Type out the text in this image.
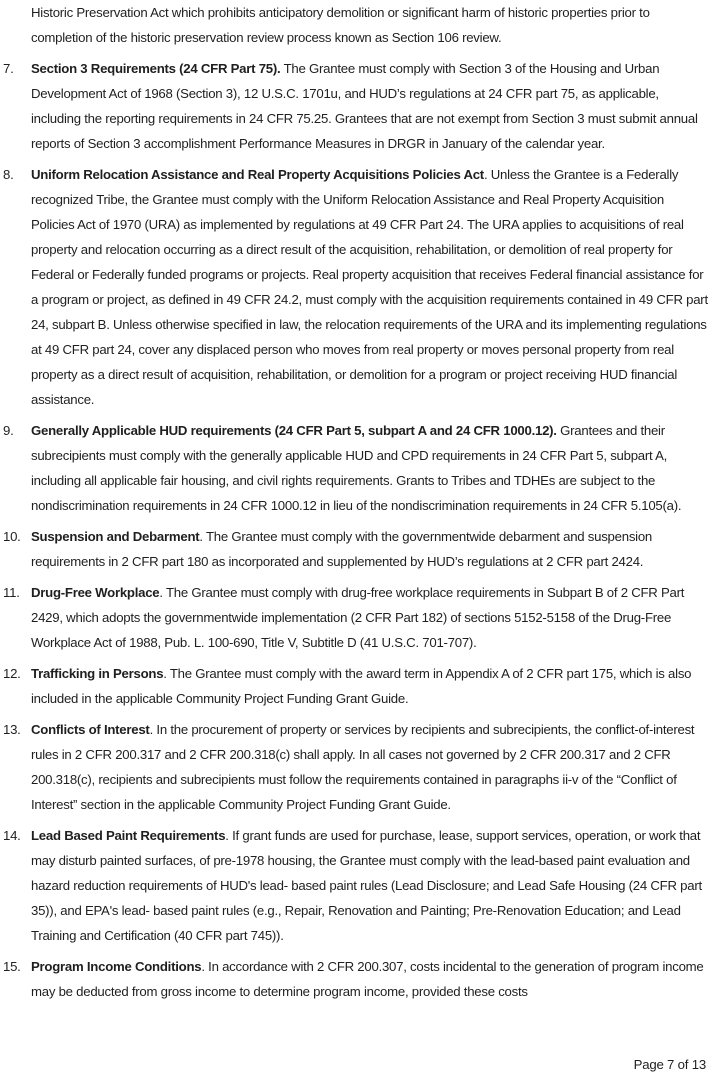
Historic Preservation Act which prohibits anticipatory demolition or significant harm of historic properties prior to completion of the historic preservation review process known as Section 106 review.

7.	Section 3 Requirements (24 CFR Part 75). The Grantee must comply with Section 3 of the Housing and Urban Development Act of 1968 (Section 3), 12 U.S.C. 1701u, and HUD’s regulations at 24 CFR part 75, as applicable, including the reporting requirements in 24 CFR 75.25. Grantees that are not exempt from Section 3 must submit annual reports of Section 3 accomplishment Performance Measures in DRGR in January of the calendar year.
8.	Uniform Relocation Assistance and Real Property Acquisitions Policies Act. Unless the Grantee is a Federally recognized Tribe, the Grantee must comply with the Uniform Relocation Assistance and Real Property Acquisition Policies Act of 1970 (URA) as implemented by regulations at 49 CFR Part 24. The URA applies to acquisitions of real property and relocation occurring as a direct result of the acquisition, rehabilitation, or demolition of real property for Federal or Federally funded programs or projects. Real property acquisition that receives Federal financial assistance for a program or project, as defined in 49 CFR 24.2, must comply with the acquisition requirements contained in 49 CFR part 24, subpart B. Unless otherwise specified in law, the relocation requirements of the URA and its implementing regulations at 49 CFR part 24, cover any displaced person who moves from real property or moves personal property from real property as a direct result of acquisition, rehabilitation, or demolition for a program or project receiving HUD financial assistance.
9.	Generally Applicable HUD requirements (24 CFR Part 5, subpart A and 24 CFR 1000.12). Grantees and their subrecipients must comply with the generally applicable HUD and CPD requirements in 24 CFR Part 5, subpart A, including all applicable fair housing, and civil rights requirements. Grants to Tribes and TDHEs are subject to the nondiscrimination requirements in 24 CFR 1000.12 in lieu of the nondiscrimination requirements in 24 CFR 5.105(a).
10. Suspension and Debarment. The Grantee must comply with the governmentwide debarment and suspension requirements in 2 CFR part 180 as incorporated and supplemented by HUD’s regulations at 2 CFR part 2424.
11. Drug-Free Workplace. The Grantee must comply with drug-free workplace requirements in Subpart B of 2 CFR Part 2429, which adopts the governmentwide implementation (2 CFR Part 182) of sections 5152-5158 of the Drug-Free Workplace Act of 1988, Pub. L. 100-690, Title V, Subtitle D (41 U.S.C. 701-707).
12. Trafficking in Persons. The Grantee must comply with the award term in Appendix A of 2 CFR part 175, which is also included in the applicable Community Project Funding Grant Guide.
13. Conflicts of Interest. In the procurement of property or services by recipients and subrecipients, the conflict-of-interest rules in 2 CFR 200.317 and 2 CFR 200.318(c) shall apply. In all cases not governed by 2 CFR 200.317 and 2 CFR 200.318(c), recipients and subrecipients must follow the requirements contained in paragraphs ii-v of the “Conflict of Interest” section in the applicable Community Project Funding Grant Guide.
14. Lead Based Paint Requirements. If grant funds are used for purchase, lease, support services, operation, or work that may disturb painted surfaces, of pre-1978 housing, the Grantee must comply with the lead-based paint evaluation and hazard reduction requirements of HUD's lead- based paint rules (Lead Disclosure; and Lead Safe Housing (24 CFR part 35)), and EPA's lead- based paint rules (e.g., Repair, Renovation and Painting; Pre-Renovation Education; and Lead Training and Certification (40 CFR part 745)).
15. Program Income Conditions. In accordance with 2 CFR 200.307, costs incidental to the generation of program income may be deducted from gross income to determine program income, provided these costs
Page 7 of 13
